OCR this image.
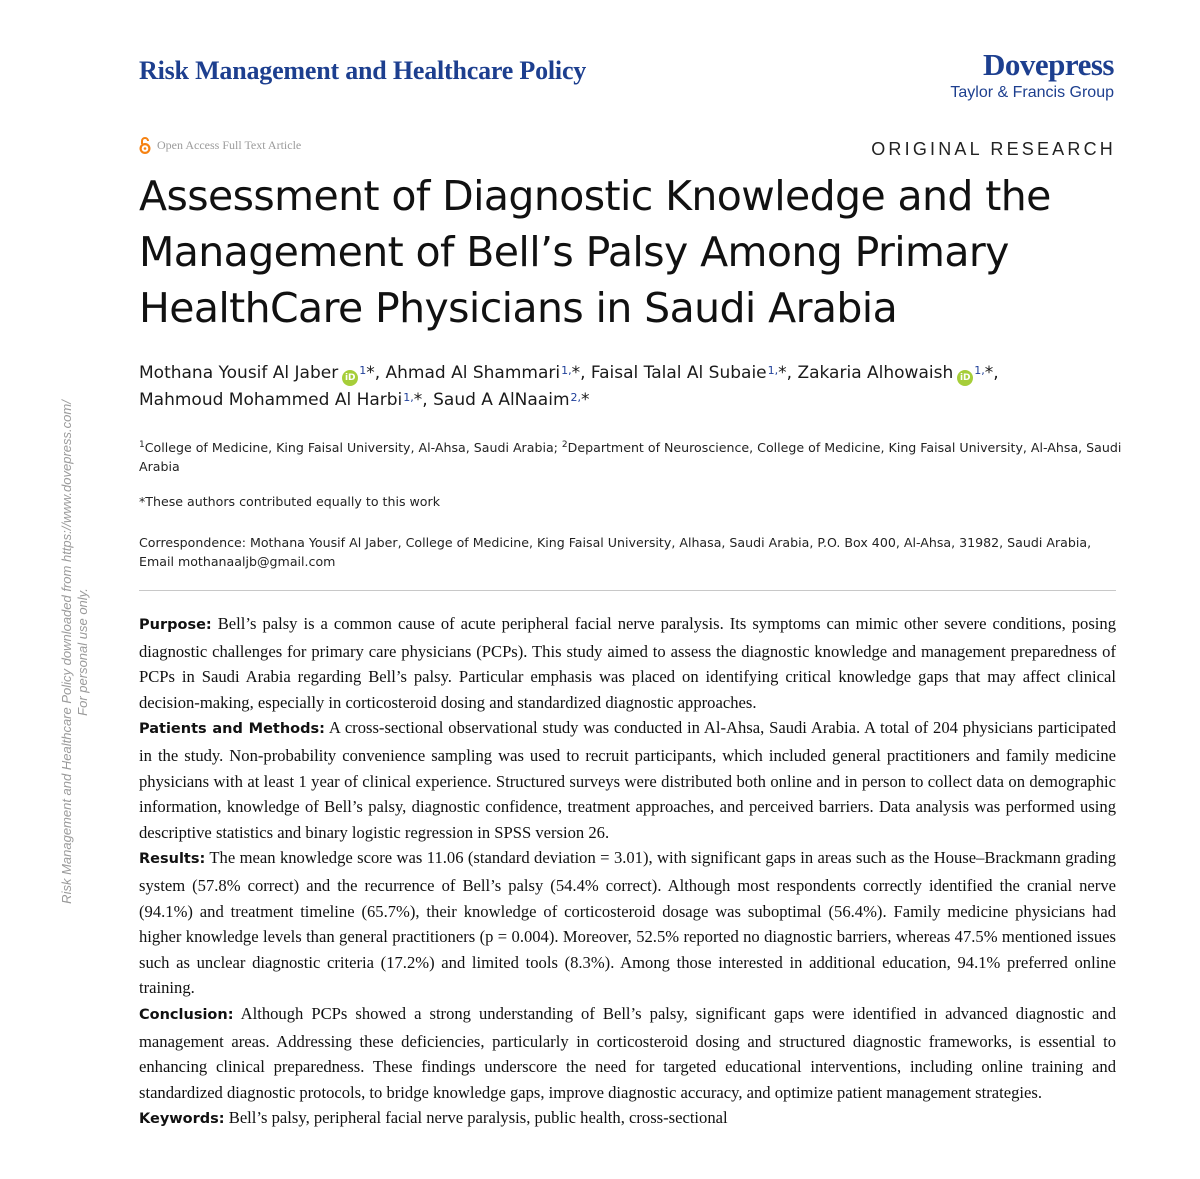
Risk Management and Healthcare Policy	Dovepress
Taylor & Francis Group
Open Access Full Text Article	ORIGINAL RESEARCH
Assessment of Diagnostic Knowledge and the
Management of Bell’s Palsy Among Primary
HealthCare Physicians in Saudi Arabia
Mothana Yousif Al Jaber $iD^1*$, Ahmad Al Shammari$^{1,}$*, Faisal Talal Al Subaie$^{1,}$*, Zakaria Alhowaish $iD^{1,}*$,
Mahmoud Mohammed Al Harbi$^{1,}$*, Saud A AlNaaim$^{2,}$*
$^1$College of Medicine, King Faisal University, Al-Ahsa, Saudi Arabia; $^2$Department of Neuroscience, College of Medicine, King Faisal University, Al-Ahsa, Saudi Arabia
*These authors contributed equally to this work
Correspondence: Mothana Yousif Al Jaber, College of Medicine, King Faisal University, Alhasa, Saudi Arabia, P.O. Box 400, Al-Ahsa, 31982, Saudi Arabia, Email mothanaaljb@gmail.com

Purpose: Bell’s palsy is a common cause of acute peripheral facial nerve paralysis. Its symptoms can mimic other severe conditions, posing diagnostic challenges for primary care physicians (PCPs). This study aimed to assess the diagnostic knowledge and management preparedness of PCPs in Saudi Arabia regarding Bell’s palsy. Particular emphasis was placed on identifying critical knowledge gaps that may affect clinical decision-making, especially in corticosteroid dosing and standardized diagnostic approaches.

Patients and Methods: A cross-sectional observational study was conducted in Al-Ahsa, Saudi Arabia. A total of 204 physicians participated in the study. Non-probability convenience sampling was used to recruit participants, which included general practitioners and family medicine physicians with at least 1 year of clinical experience. Structured surveys were distributed both online and in person to collect data on demographic information, knowledge of Bell’s palsy, diagnostic confidence, treatment approaches, and perceived barriers. Data analysis was performed using descriptive statistics and binary logistic regression in SPSS version 26.

Results: The mean knowledge score was 11.06 (standard deviation = 3.01), with significant gaps in areas such as the House–Brackmann grading system (57.8% correct) and the recurrence of Bell’s palsy (54.4% correct). Although most respondents correctly identified the cranial nerve (94.1%) and treatment timeline (65.7%), their knowledge of corticosteroid dosage was suboptimal (56.4%). Family medicine physicians had higher knowledge levels than general practitioners (p = 0.004). Moreover, 52.5% reported no diagnostic barriers, whereas 47.5% mentioned issues such as unclear diagnostic criteria (17.2%) and limited tools (8.3%). Among those interested in additional education, 94.1% preferred online training.

Conclusion: Although PCPs showed a strong understanding of Bell’s palsy, significant gaps were identified in advanced diagnostic and management areas. Addressing these deficiencies, particularly in corticosteroid dosing and structured diagnostic frameworks, is essential to enhancing clinical preparedness. These findings underscore the need for targeted educational interventions, including online training and standardized diagnostic protocols, to bridge knowledge gaps, improve diagnostic accuracy, and optimize patient management strategies.

Keywords: Bell’s palsy, peripheral facial nerve paralysis, public health, cross-sectional

Risk Management and Healthcare Policy downloaded from https://www.dovepress.com/ For personal use only.
